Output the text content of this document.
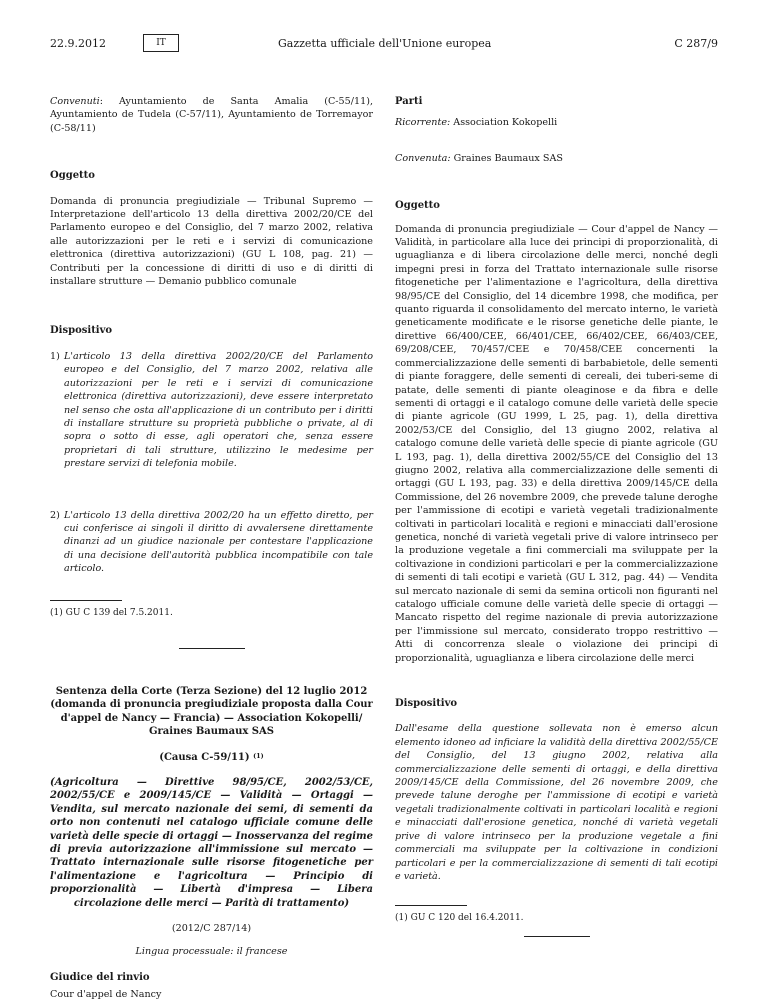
22.9.2012	IT	Gazzetta ufficiale dell'Unione europea	C 287/9

Convenuti: Ayuntamiento de Santa Amalia (C-55/11), Ayuntamiento de Tudela (C-57/11), Ayuntamiento de Torremayor (C-58/11)

Oggetto

Domanda di pronuncia pregiudiziale — Tribunal Supremo — Interpretazione dell'articolo 13 della direttiva 2002/20/CE del Parlamento europeo e del Consiglio, del 7 marzo 2002, relativa alle autorizzazioni per le reti e i servizi di comunicazione elettronica (direttiva autorizzazioni) (GU L 108, pag. 21) — Contributi per la concessione di diritti di uso e di diritti di installare strutture — Demanio pubblico comunale

Dispositivo

1) L'articolo 13 della direttiva 2002/20/CE del Parlamento europeo e del Consiglio, del 7 marzo 2002, relativa alle autorizzazioni per le reti e i servizi di comunicazione elettronica (direttiva autorizzazioni), deve essere interpretato nel senso che osta all'applicazione di un contributo per i diritti di installare strutture su proprietà pubbliche o private, al di sopra o sotto di esse, agli operatori che, senza essere proprietari di tali strutture, utilizzino le medesime per prestare servizi di telefonia mobile.
2) L'articolo 13 della direttiva 2002/20 ha un effetto diretto, per cui conferisce ai singoli il diritto di avvalersene direttamente dinanzi ad un giudice nazionale per contestare l'applicazione di una decisione dell'autorità pubblica incompatibile con tale articolo.

(1) GU C 139 del 7.5.2011.

Sentenza della Corte (Terza Sezione) del 12 luglio 2012 (domanda di pronuncia pregiudiziale proposta dalla Cour d'appel de Nancy — Francia) — Association Kokopelli/ Graines Baumaux SAS

(Causa C-59/11) $^{(1)}$

(Agricoltura — Direttive 98/95/CE, 2002/53/CE, 2002/55/CE e 2009/145/CE — Validità — Ortaggi — Vendita, sul mercato nazionale dei semi, di sementi da orto non contenuti nel catalogo ufficiale comune delle varietà delle specie di ortaggi — Inosservanza del regime di previa autorizzazione all'immissione sul mercato — Trattato internazionale sulle risorse fitogenetiche per l'alimentazione e l'agricoltura — Principio di proporzionalità — Libertà d'impresa — Libera circolazione delle merci — Parità di trattamento)

(2012/C 287/14)

Lingua processuale: il francese

Giudice del rinvio

Cour d'appel de Nancy

Parti

Ricorrente: Association Kokopelli

Convenuta: Graines Baumaux SAS

Oggetto

Domanda di pronuncia pregiudiziale — Cour d'appel de Nancy — Validità, in particolare alla luce dei principi di proporzionalità, di uguaglianza e di libera circolazione delle merci, nonché degli impegni presi in forza del Trattato internazionale sulle risorse fitogenetiche per l'alimentazione e l'agricoltura, della direttiva 98/95/CE del Consiglio, del 14 dicembre 1998, che modifica, per quanto riguarda il consolidamento del mercato interno, le varietà geneticamente modificate e le risorse genetiche delle piante, le direttive 66/400/CEE, 66/401/CEE, 66/402/CEE, 66/403/CEE, 69/208/CEE, 70/457/CEE e 70/458/CEE concernenti la commercializzazione delle sementi di barbabietole, delle sementi di piante foraggere, delle sementi di cereali, dei tuberi-seme di patate, delle sementi di piante oleaginose e da fibra e delle sementi di ortaggi e il catalogo comune delle varietà delle specie di piante agricole (GU 1999, L 25, pag. 1), della direttiva 2002/53/CE del Consiglio, del 13 giugno 2002, relativa al catalogo comune delle varietà delle specie di piante agricole (GU L 193, pag. 1), della direttiva 2002/55/CE del Consiglio del 13 giugno 2002, relativa alla commercializzazione delle sementi di ortaggi (GU L 193, pag. 33) e della direttiva 2009/145/CE della Commissione, del 26 novembre 2009, che prevede talune deroghe per l'ammissione di ecotipi e varietà vegetali tradizionalmente coltivati in particolari località e regioni e minacciati dall'erosione genetica, nonché di varietà vegetali prive di valore intrinseco per la produzione vegetale a fini commerciali ma sviluppate per la coltivazione in condizioni particolari e per la commercializzazione di sementi di tali ecotipi e varietà (GU L 312, pag. 44) — Vendita sul mercato nazionale di semi da semina orticoli non figuranti nel catalogo ufficiale comune delle varietà delle specie di ortaggi — Mancato rispetto del regime nazionale di previa autorizzazione per l'immissione sul mercato, considerato troppo restrittivo — Atti di concorrenza sleale o violazione dei principi di proporzionalità, uguaglianza e libera circolazione delle merci

Dispositivo

Dall'esame della questione sollevata non è emerso alcun elemento idoneo ad inficiare la validità della direttiva 2002/55/CE del Consiglio, del 13 giugno 2002, relativa alla commercializzazione delle sementi di ortaggi, e della direttiva 2009/145/CE della Commissione, del 26 novembre 2009, che prevede talune deroghe per l'ammissione di ecotipi e varietà vegetali tradizionalmente coltivati in particolari località e regioni e minacciati dall'erosione genetica, nonché di varietà vegetali prive di valore intrinseco per la produzione vegetale a fini commerciali ma sviluppate per la coltivazione in condizioni particolari e per la commercializzazione di sementi di tali ecotipi e varietà.

(1) GU C 120 del 16.4.2011.
